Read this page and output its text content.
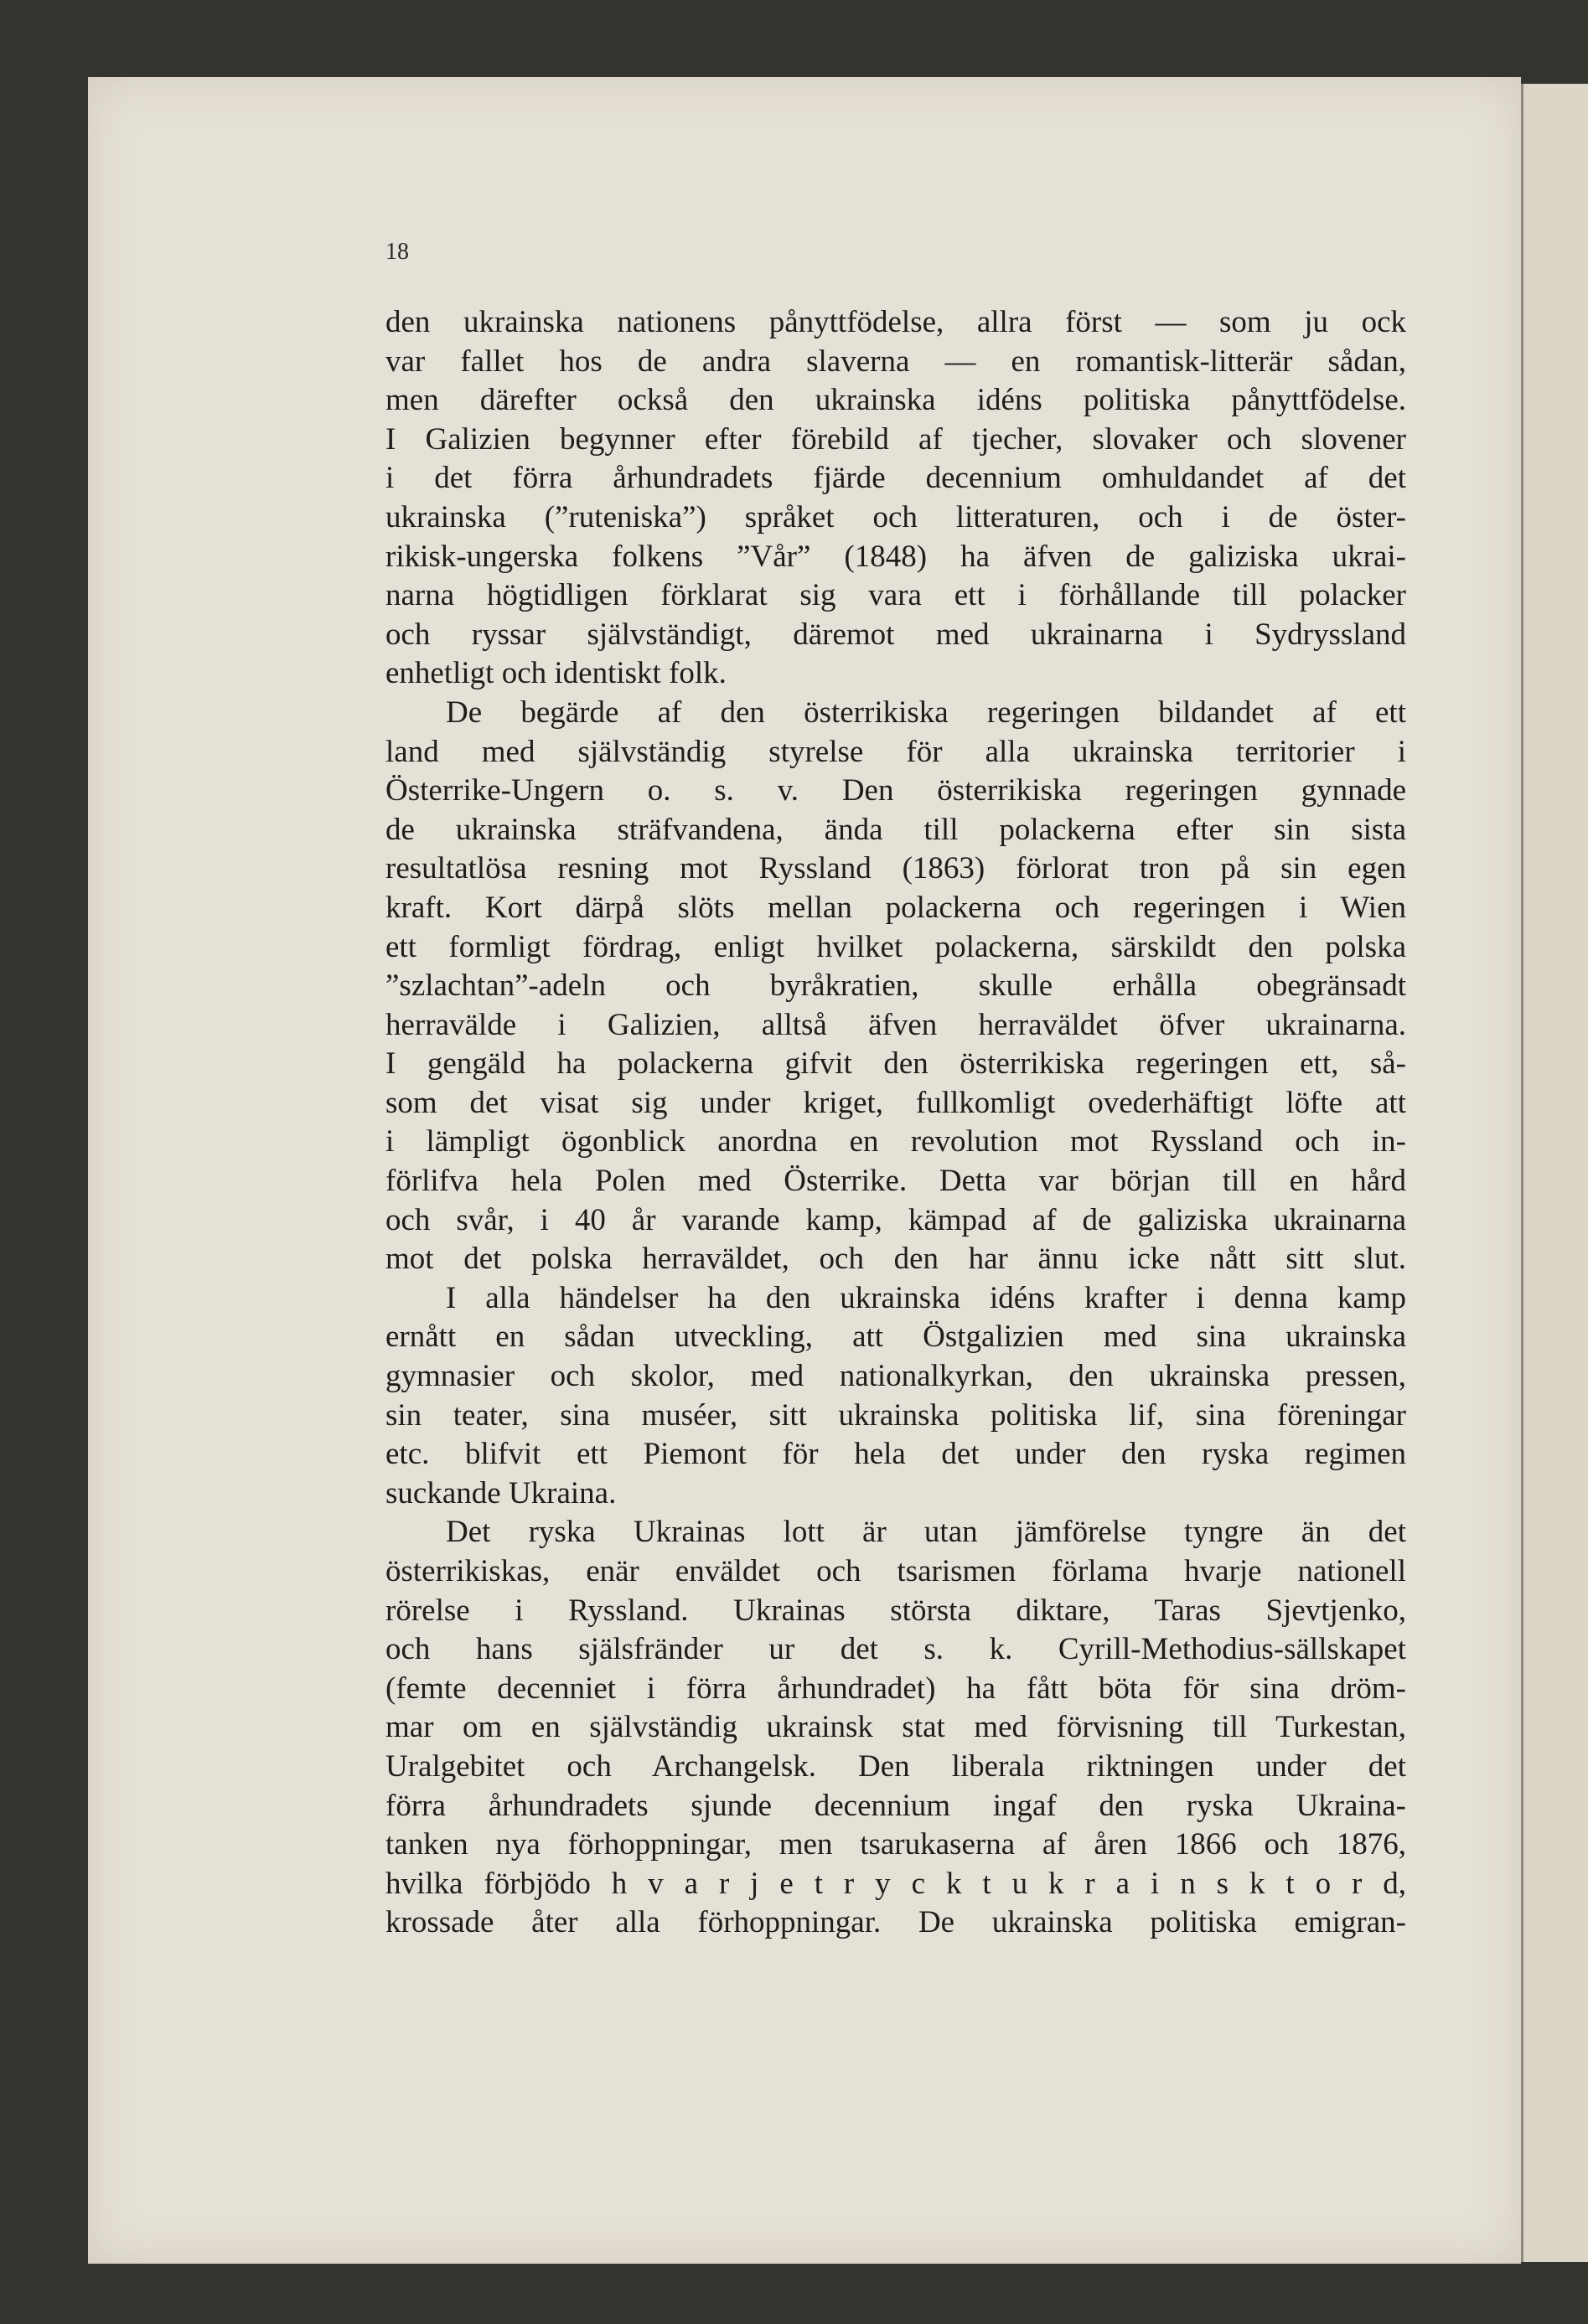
18
den ukrainska nationens pånyttfödelse, allra först — som ju ock
var fallet hos de andra slaverna — en romantisk-litterär sådan,
men därefter också den ukrainska idéns politiska pånyttfödelse.
I Galizien begynner efter förebild af tjecher, slovaker och slovener
i det förra århundradets fjärde decennium omhuldandet af det
ukrainska (”ruteniska”) språket och litteraturen, och i de öster-
rikisk-ungerska folkens ”Vår” (1848) ha äfven de galiziska ukrai-
narna högtidligen förklarat sig vara ett i förhållande till polacker
och ryssar självständigt, däremot med ukrainarna i Sydryssland
enhetligt och identiskt folk.
De begärde af den österrikiska regeringen bildandet af ett
land med självständig styrelse för alla ukrainska territorier i
Österrike-Ungern o. s. v. Den österrikiska regeringen gynnade
de ukrainska sträfvandena, ända till polackerna efter sin sista
resultatlösa resning mot Ryssland (1863) förlorat tron på sin egen
kraft. Kort därpå slöts mellan polackerna och regeringen i Wien
ett formligt fördrag, enligt hvilket polackerna, särskildt den polska
”szlachtan”-adeln och byråkratien, skulle erhålla obegränsadt
herravälde i Galizien, alltså äfven herraväldet öfver ukrainarna.
I gengäld ha polackerna gifvit den österrikiska regeringen ett, så-
som det visat sig under kriget, fullkomligt ovederhäftigt löfte att
i lämpligt ögonblick anordna en revolution mot Ryssland och in-
förlifva hela Polen med Österrike. Detta var början till en hård
och svår, i 40 år varande kamp, kämpad af de galiziska ukrainarna
mot det polska herraväldet, och den har ännu icke nått sitt slut.
I alla händelser ha den ukrainska idéns krafter i denna kamp
ernått en sådan utveckling, att Östgalizien med sina ukrainska
gymnasier och skolor, med nationalkyrkan, den ukrainska pressen,
sin teater, sina muséer, sitt ukrainska politiska lif, sina föreningar
etc. blifvit ett Piemont för hela det under den ryska regimen
suckande Ukraina.
Det ryska Ukrainas lott är utan jämförelse tyngre än det
österrikiskas, enär enväldet och tsarismen förlama hvarje nationell
rörelse i Ryssland. Ukrainas största diktare, Taras Sjevtjenko,
och hans själsfränder ur det s. k. Cyrill-Methodius-sällskapet
(femte decenniet i förra århundradet) ha fått böta för sina dröm-
mar om en självständig ukrainsk stat med förvisning till Turkestan,
Uralgebitet och Archangelsk. Den liberala riktningen under det
förra århundradets sjunde decennium ingaf den ryska Ukraina-
tanken nya förhoppningar, men tsarukaserna af åren 1866 och 1876,
hvilka förbjödo h v a r j e t r y c k t u k r a i n s k t o r d,
krossade åter alla förhoppningar. De ukrainska politiska emigran-
